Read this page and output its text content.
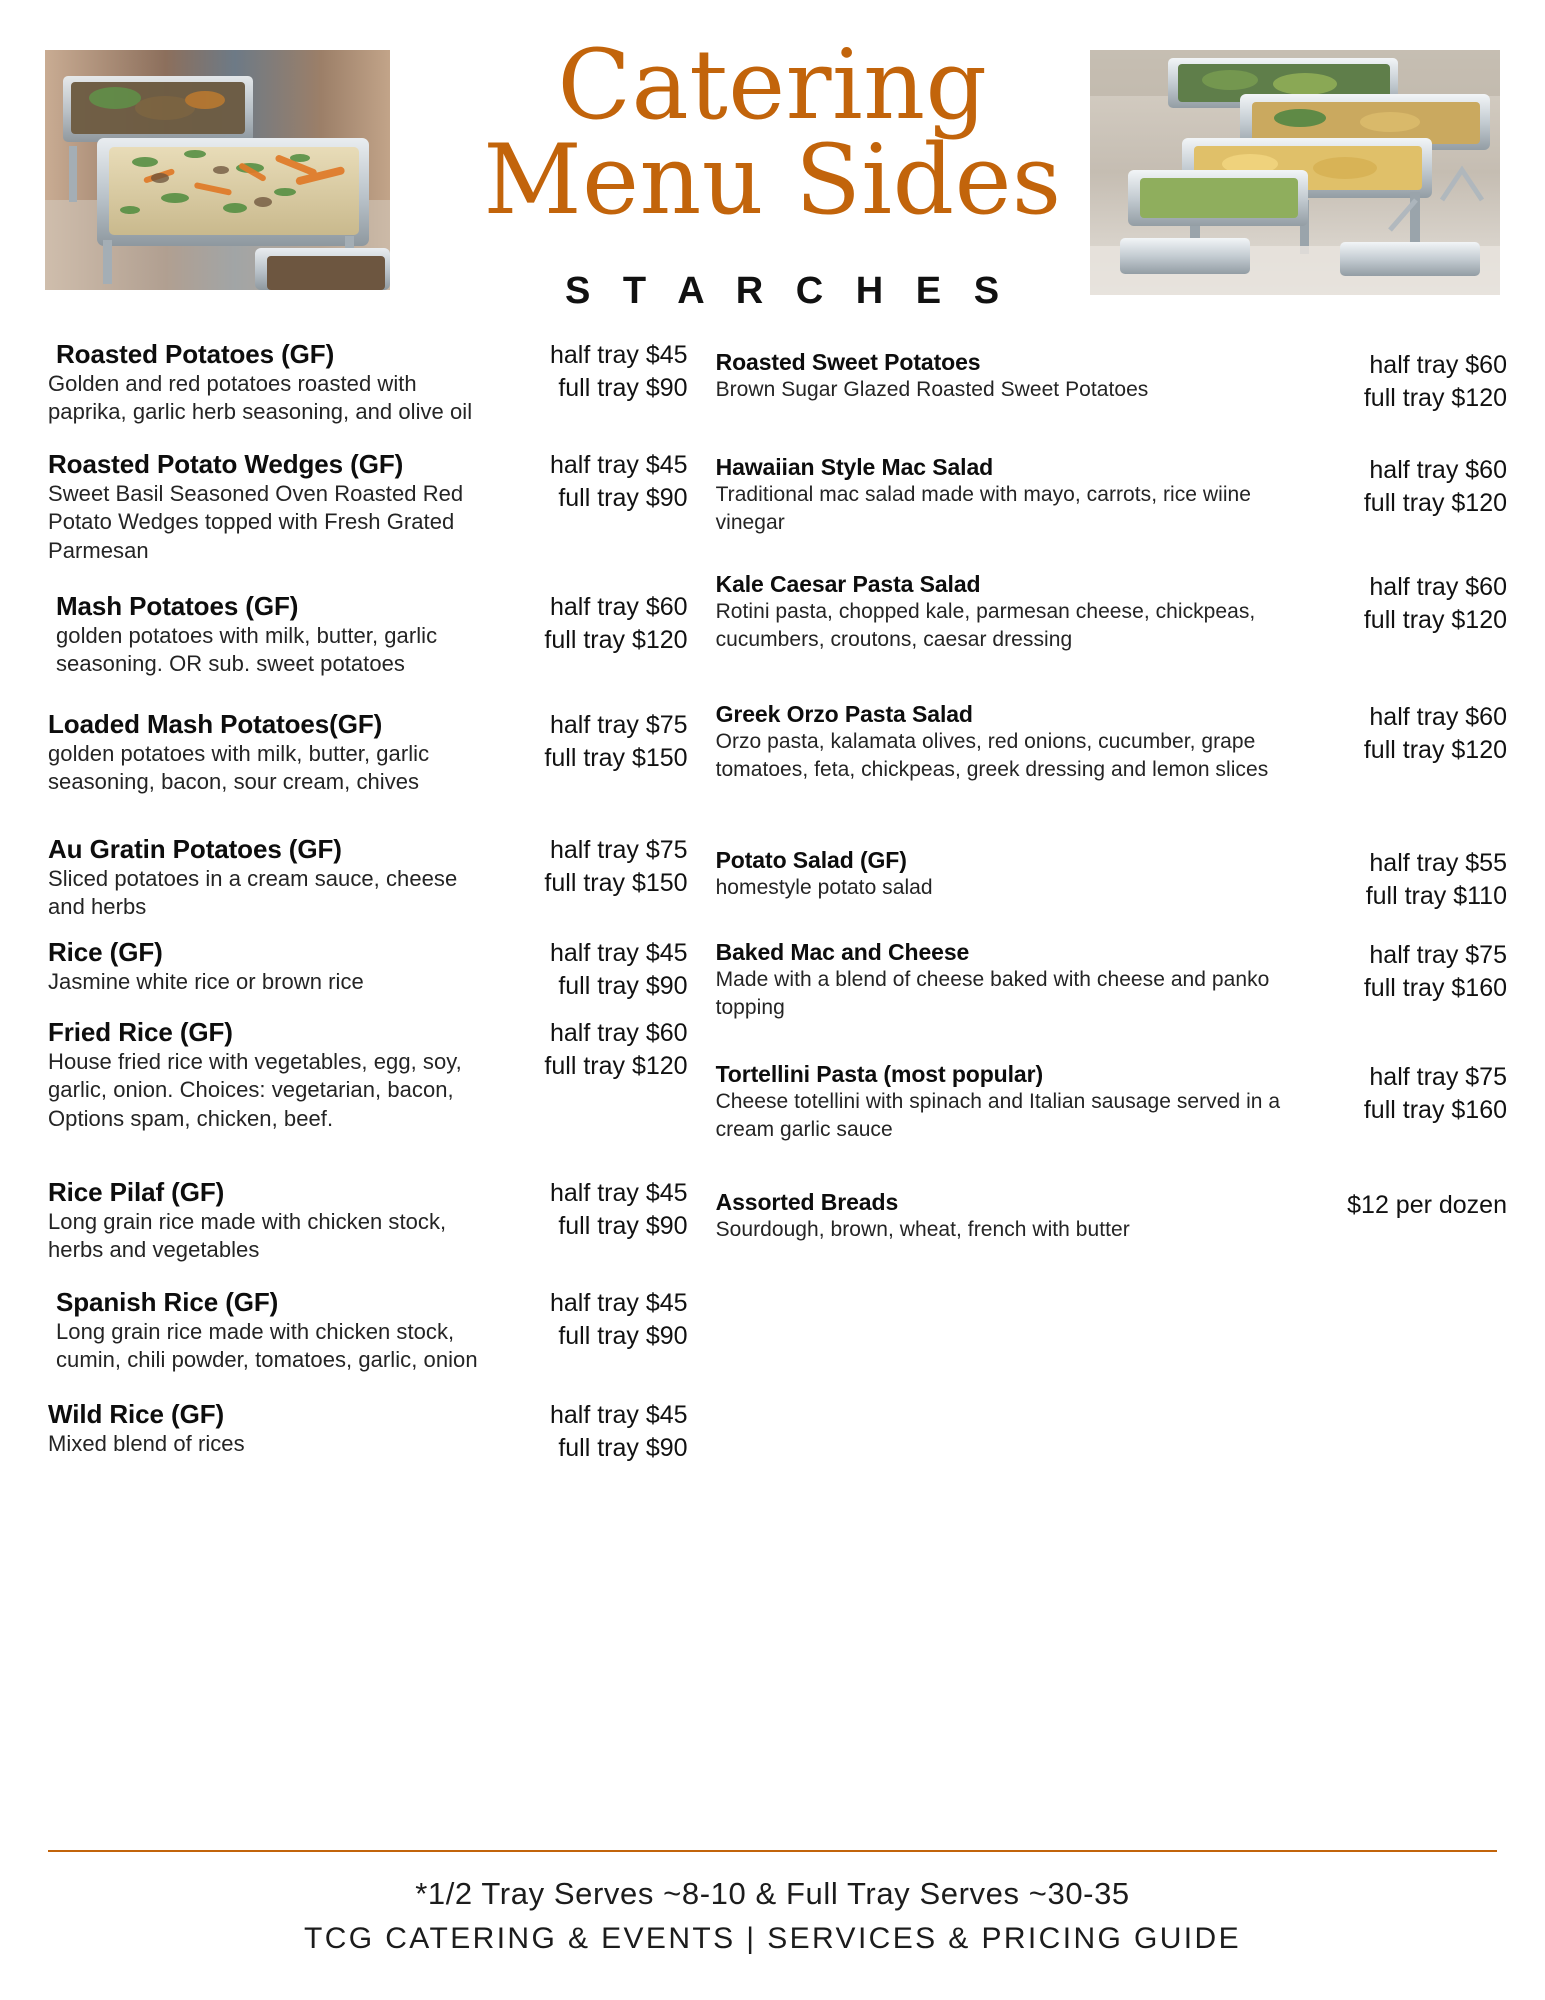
Catering
Menu Sides
S T A R C H E S
Roasted Potatoes (GF)
Golden and red potatoes roasted with paprika, garlic herb seasoning, and olive oil
half tray $45
full tray $90
Roasted Potato Wedges (GF)
Sweet Basil Seasoned Oven Roasted Red Potato Wedges topped with Fresh Grated Parmesan
half tray $45
full tray $90
Mash Potatoes (GF)
golden potatoes with milk, butter, garlic seasoning. OR sub. sweet potatoes
half tray $60
full tray $120
Loaded Mash Potatoes(GF)
golden potatoes with milk, butter, garlic seasoning, bacon, sour cream, chives
half tray $75
full tray $150
Au Gratin Potatoes (GF)
Sliced potatoes in a cream sauce, cheese and herbs
half tray $75
full tray $150
Rice (GF)
Jasmine white rice or brown rice
half tray $45
full tray $90
Fried Rice (GF)
House fried rice with vegetables, egg, soy, garlic, onion. Choices: vegetarian, bacon, Options spam, chicken, beef.
half tray $60
full tray $120
Rice Pilaf (GF)
Long grain rice made with chicken stock, herbs and vegetables
half tray $45
full tray $90
Spanish Rice (GF)
Long grain rice made with chicken stock, cumin, chili powder, tomatoes, garlic, onion
half tray $45
full tray $90
Wild Rice (GF)
Mixed blend of rices
half tray $45
full tray $90
Roasted Sweet Potatoes
Brown Sugar Glazed Roasted Sweet Potatoes
half tray $60
full tray $120
Hawaiian Style Mac Salad
Traditional mac salad made with mayo, carrots, rice wiine vinegar
half tray $60
full tray $120
Kale Caesar Pasta Salad
Rotini pasta, chopped kale, parmesan cheese, chickpeas, cucumbers, croutons, caesar dressing
half tray $60
full tray $120
Greek Orzo Pasta Salad
Orzo pasta, kalamata olives, red onions, cucumber, grape tomatoes, feta, chickpeas, greek dressing and lemon slices
half tray $60
full tray $120
Potato Salad (GF)
homestyle potato salad
half tray $55
full tray $110
Baked Mac and Cheese
Made with a blend of cheese baked with cheese and panko topping
half tray $75
full tray $160
Tortellini Pasta (most popular)
Cheese totellini with spinach and Italian sausage served in a cream garlic sauce
half tray $75
full tray $160
Assorted Breads
Sourdough, brown, wheat, french with butter
$12 per dozen
*1/2 Tray Serves ~8-10 & Full Tray Serves ~30-35
TCG CATERING & EVENTS | SERVICES & PRICING GUIDE
